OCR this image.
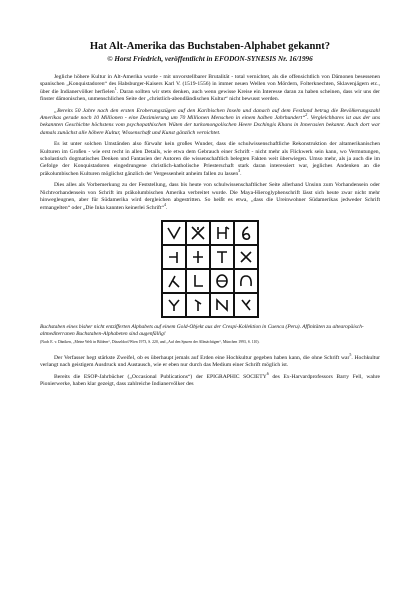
Hat Alt-Amerika das Buchstaben-Alphabet gekannt?
© Horst Friedrich, veröffentlicht in EFODON-SYNESIS Nr. 16/1996

Jegliche höhere Kultur in Alt-Amerika wurde - mit unvorstellbarer Brutalität - total vernichtet, als die offensichtlich von Dämonen besessenen spanischen „Konquistadoren“ des Habsburger-Kaisers Karl V. (1519-1556) in immer neuen Wellen von Mördern, Folterknechten, Sklavenjägern etc., über die Indianervölker herfielen$^1$. Daran sollten wir stets denken, auch wenn gewisse Kreise ein Interesse daran zu haben scheinen, dass wir uns der finster dämonischen, unmenschlichen Seite der „christlich-abendländischen Kultur“ nicht bewusst werden.

„Bereits 50 Jahre nach den ersten Eroberungszügen auf den Karibischen Inseln und danach auf dem Festland betrug die Bevölkerungszahl Amerikas gerade noch 10 Millionen - eine Dezimierung um 70 Millionen Menschen in einem halben Jahrhundert“$^2$. Vergleichbares ist aus der uns bekannten Geschichte höchstens vom psychopathischen Wüten der turkomongolischen Heere Dschingis Khans in Innerasien bekannt. Auch dort war damals zunächst alle höhere Kultur, Wissenschaft und Kunst gänzlich vernichtet.

Es ist unter solchen Umständen also fürwahr kein großes Wunder, dass die schulwissenschaftliche Rekonstruktion der altamerikanischen Kulturen im Großen - wie erst recht in allen Details, wie etwa dem Gebrauch einer Schrift - nicht mehr als Flickwerk sein kann, wo Vermutungen, scholastisch dogmatisches Denken und Fantasien der Autoren die wissenschaftlich belegten Fakten weit überwiegen. Umso mehr, als ja auch die im Gefolge der Konquistadoren eingedrungene christlich-katholische Priesterschaft stark daran interessiert war, jegliches Andenken an die präkolumbischen Kulturen möglichst gänzlich der Vergessenheit anheim fallen zu lassen$^3$.

Dies alles als Vorbemerkung zu der Feststellung, dass bis heute von schulwissenschaftlicher Seite allerhand Unsinn zum Vorhandensein oder Nichtvorhandensein von Schrift im präkolumbischen Amerika verbreitet wurde. Die Maya-Hieroglyphenschrift lässt sich heute zwar nicht mehr hinwegleugnen, aber für Südamerika wird dergleichen abgestritten. So heißt es etwa, „dass die Ureinwohner Südamerikas jedweder Schrift ermangelten“ oder „Die Inka kannten keinerlei Schrift“$^4$.

Buchstaben eines bisher nicht entzifferten Alphabets auf einem Gold-Objekt aus der Crespi-Kollektion in Cuenca (Peru). Affinitäten zu altearopäisch-altmediterranen Buchstaben-Alphabeten sind augenfällig!
(Nach E. v. Däniken, „Meine Welt in Bildern“, Düsseldorf/Wien 1973, S. 220, und „Auf den Spuren der Allmächtigen“, München 1993, S. 110).

Der Verfasser hegt stärkste Zweifel, ob es überhaupt jemals auf Erden eine Hochkultur gegeben haben kann, die ohne Schrift war$^5$. Hochkultur verlangt nach geistigem Ausdruck und Austausch, wie er eben nur durch das Medium einer Schrift möglich ist.

Bereits die ESOP-Jahrbücher („Occasional Publications“) der EPIGRAPHIC SOCIETY$^6$ des Ex-Harvardprofessors Barry Fell, wahre Pionierwerke, haben klar gezeigt, dass zahlreiche Indianervölker des
